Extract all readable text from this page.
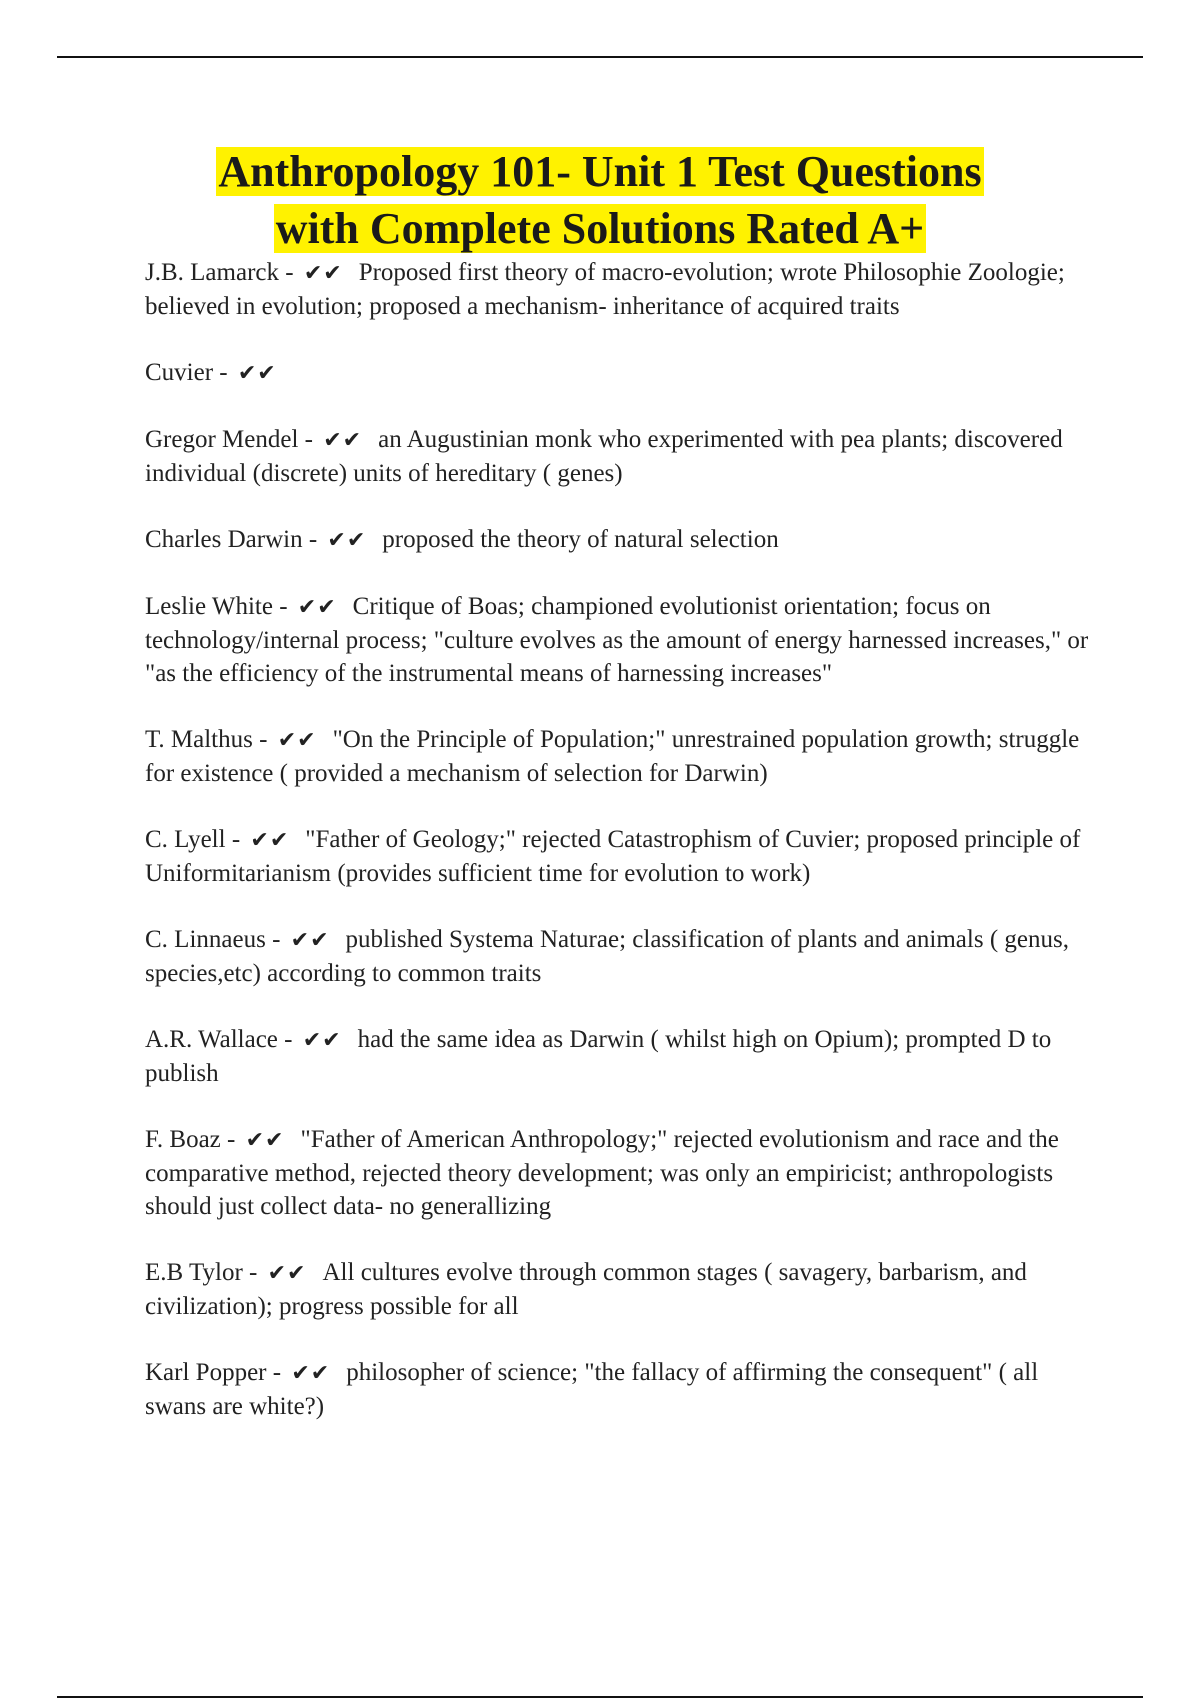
Anthropology 101- Unit 1 Test Questions
with Complete Solutions Rated A+
J.B. Lamarck - ✔✔ Proposed first theory of macro-evolution; wrote Philosophie Zoologie; believed in evolution; proposed a mechanism- inheritance of acquired traits
Cuvier - ✔✔
Gregor Mendel - ✔✔ an Augustinian monk who experimented with pea plants; discovered individual (discrete) units of hereditary ( genes)
Charles Darwin - ✔✔ proposed the theory of natural selection
Leslie White - ✔✔ Critique of Boas; championed evolutionist orientation; focus on technology/internal process; "culture evolves as the amount of energy harnessed increases," or "as the efficiency of the instrumental means of harnessing increases"
T. Malthus - ✔✔ "On the Principle of Population;" unrestrained population growth; struggle for existence ( provided a mechanism of selection for Darwin)
C. Lyell - ✔✔ "Father of Geology;" rejected Catastrophism of Cuvier; proposed principle of Uniformitarianism (provides sufficient time for evolution to work)
C. Linnaeus - ✔✔ published Systema Naturae; classification of plants and animals ( genus, species,etc) according to common traits
A.R. Wallace - ✔✔ had the same idea as Darwin ( whilst high on Opium); prompted D to publish
F. Boaz - ✔✔ "Father of American Anthropology;" rejected evolutionism and race and the comparative method, rejected theory development; was only an empiricist; anthropologists should just collect data- no generallizing
E.B Tylor - ✔✔ All cultures evolve through common stages ( savagery, barbarism, and civilization); progress possible for all
Karl Popper - ✔✔ philosopher of science; "the fallacy of affirming the consequent" ( all swans are white?)
